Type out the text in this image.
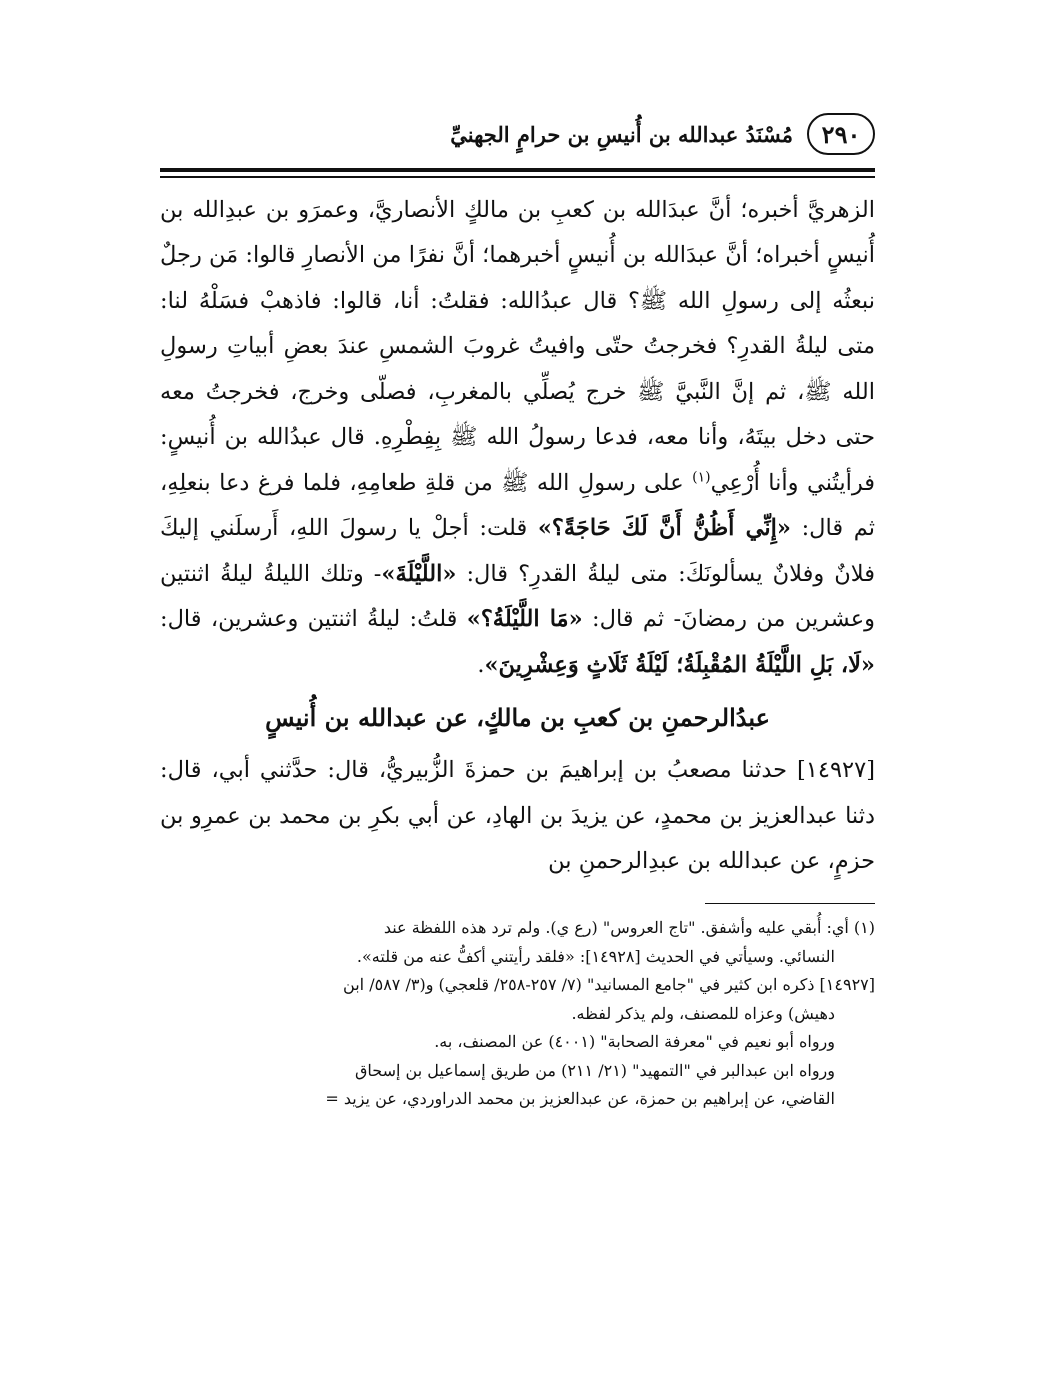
٢٩٠
مُسْنَدُ عبدالله بن أُنيسِ بن حرامٍ الجهنيِّ

الزهريَّ أخبره؛ أنَّ عبدَالله بن كعبِ بن مالكٍ الأنصاريَّ، وعمرَو بن عبدِالله بن أُنيسٍ أخبراه؛ أنَّ عبدَالله بن أُنيسٍ أخبرهما؛ أنَّ نفرًا من الأنصارِ قالوا: مَن رجلٌ نبعثُه إلى رسولِ الله ﷺ؟ قال عبدُالله: فقلتُ: أنا، قالوا: فاذهبْ فسَلْهُ لنا: متى ليلةُ القدرِ؟ فخرجتُ حتّى وافيتُ غروبَ الشمسِ عندَ بعضِ أبياتِ رسولِ الله ﷺ، ثم إنَّ النَّبيَّ ﷺ خرج يُصلِّي بالمغربِ، فصلّى وخرج، فخرجتُ معه حتى دخل بيتَهُ، وأنا معه، فدعا رسولُ الله ﷺ بِفِطْرِهِ. قال عبدُالله بن أُنيسٍ: فرأيتُني وأنا أُرْعِي$^{(١)}$ على رسولِ الله ﷺ من قلةِ طعامِهِ، فلما فرغ دعا بنعلِهِ، ثم قال: «إِنِّي أَظُنُّ أَنَّ لَكَ حَاجَةً؟» قلت: أجلْ يا رسولَ اللهِ، أَرسلَني إليكَ فلانٌ وفلانٌ يسألونَكَ: متى ليلةُ القدرِ؟ قال: «اللَّيْلَةَ»- وتلك الليلةُ ليلةُ اثنتين وعشرين من رمضانَ- ثم قال: «مَا اللَّيْلَةُ؟» قلتُ: ليلةُ اثنتين وعشرين، قال: «لَا، بَلِ اللَّيْلَةُ المُقْبِلَةُ؛ لَيْلَةُ ثَلَاثٍ وَعِشْرِينَ».

عبدُالرحمنِ بن كعبِ بن مالكٍ، عن عبدالله بن أُنيسٍ

[١٤٩٢٧] حدثنا مصعبُ بن إبراهيمَ بن حمزةَ الزُّبيريُّ، قال: حدَّثني أبي، قال: دثنا عبدالعزيز بن محمدٍ، عن يزيدَ بن الهادِ، عن أبي بكرِ بن محمد بن عمرِو بن حزمٍ، عن عبدالله بن عبدِالرحمنِ بن

(١) أي: أُبقي عليه وأشفق. "تاج العروس" (رع ي). ولم ترد هذه اللفظة عند

النسائي. وسيأتي في الحديث [١٤٩٢٨]: «فلقد رأيتني أكفُّ عنه من قلته».

[١٤٩٢٧] ذكره ابن كثير في "جامع المسانيد" (٧/ ٢٥٧-٢٥٨/ قلعجي) و(٣/ ٥٨٧/ ابن

دهيش) وعزاه للمصنف، ولم يذكر لفظه.

ورواه أبو نعيم في "معرفة الصحابة" (٤٠٠١) عن المصنف، به.

ورواه ابن عبدالبر في "التمهيد" (٢١/ ٢١١) من طريق إسماعيل بن إسحاق

القاضي، عن إبراهيم بن حمزة، عن عبدالعزيز بن محمد الدراوردي، عن يزيد =
